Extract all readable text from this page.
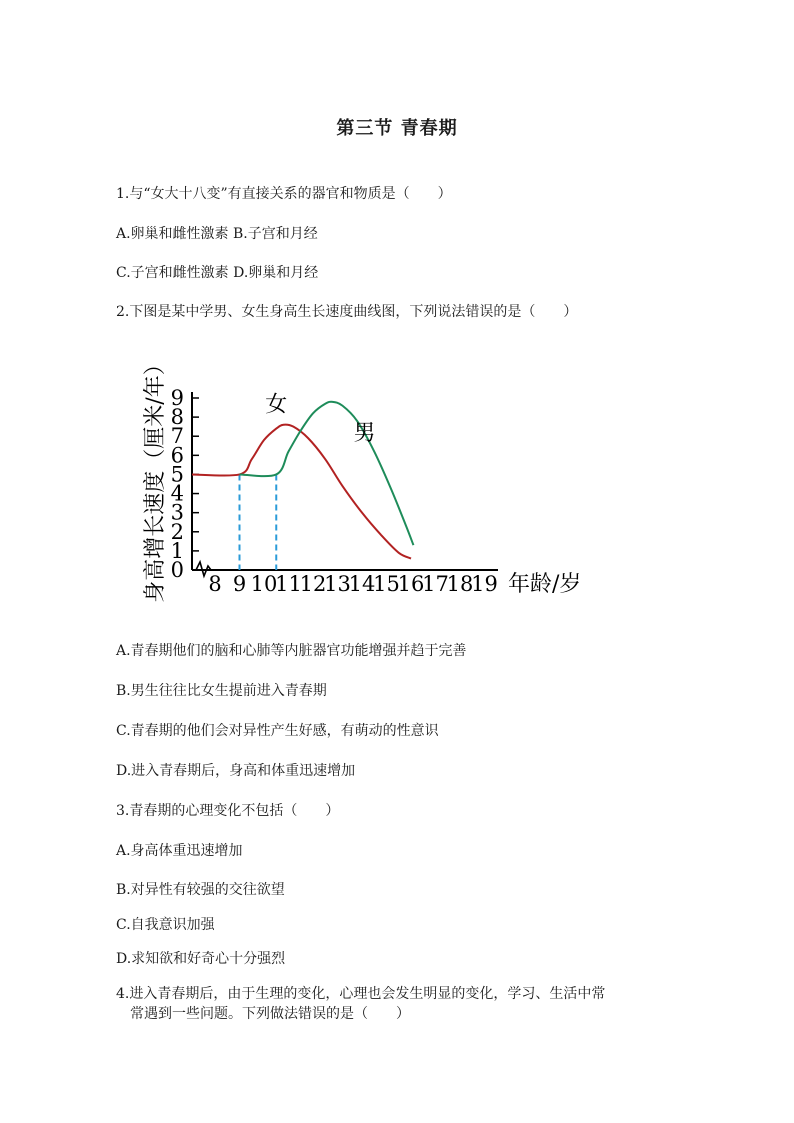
第三节 青春期
1.与“女大十八变”有直接关系的器官和物质是（　　）
A.卵巢和雌性激素 B.子宫和月经
C.子宫和雌性激素 D.卵巢和月经
2.下图是某中学男、女生身高生长速度曲线图，下列说法错误的是（　　）
0
1
2
3
4
5
6
7
8
9
8 9 10
11
12
13
14
15
16
17
18
19 年龄/岁
身高增长速度（厘米/年）	女
男
A.青春期他们的脑和心肺等内脏器官功能增强并趋于完善
B.男生往往比女生提前进入青春期
C.青春期的他们会对异性产生好感，有萌动的性意识
D.进入青春期后，身高和体重迅速增加
3.青春期的心理变化不包括（　　）
A.身高体重迅速增加
B.对异性有较强的交往欲望
C.自我意识加强
D.求知欲和好奇心十分强烈
4.进入青春期后，由于生理的变化，心理也会发生明显的变化，学习、生活中常
常遇到一些问题。下列做法错误的是（　　）
